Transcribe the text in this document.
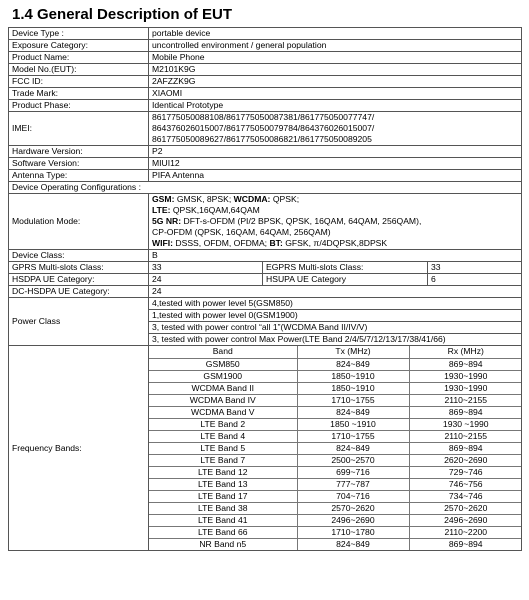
1.4 General Description of EUT
Device Type :	portable device
Exposure Category:	uncontrolled environment / general population
Product Name:	Mobile Phone
Model No.(EUT):	M2101K9G
FCC ID:	2AFZZK9G
Trade Mark:	XIAOMI
Product Phase:	Identical Prototype
IMEI:	
861775050088108/861775050087381/861775050077747/
864376026015007/861775050079784/864376026015007/
861775050089627/861775050086821/861775050089205

Hardware Version:	P2
Software Version:	MIUI12
Antenna Type:	PIFA Antenna
Device Operating Configurations :
Modulation Mode:	
GSM: GMSK, 8PSK; WCDMA: QPSK;
LTE: QPSK,16QAM,64QAM
5G NR: DFT-s-OFDM (PI/2 BPSK, QPSK, 16QAM, 64QAM, 256QAM),
CP-OFDM (QPSK, 16QAM, 64QAM, 256QAM)
WIFI: DSSS, OFDM, OFDMA; BT: GFSK, π/4DQPSK,8DPSK

Device Class:	B
GPRS Multi-slots Class:	33	EGPRS Multi-slots Class:	33
HSDPA UE Category:	24	HSUPA UE Category	6
DC-HSDPA UE Category:	24
Power Class	4,tested with power level 5(GSM850)
1,tested with power level 0(GSM1900)
3, tested with power control “all 1”(WCDMA Band II/IV/V)
3, tested with power control Max Power(LTE Band 2/4/5/7/12/13/17/38/41/66)
Frequency Bands:	
Band	Tx (MHz)	Rx (MHz)
GSM850	824~849	869~894
GSM1900	1850~1910	1930~1990
WCDMA Band II	1850~1910	1930~1990
WCDMA Band IV	1710~1755	2110~2155
WCDMA Band V	824~849	869~894
LTE Band 2	1850 ~1910	1930 ~1990
LTE Band 4	1710~1755	2110~2155
LTE Band 5	824~849	869~894
LTE Band 7	2500~2570	2620~2690
LTE Band 12	699~716	729~746
LTE Band 13	777~787	746~756
LTE Band 17	704~716	734~746
LTE Band 38	2570~2620	2570~2620
LTE Band 41	2496~2690	2496~2690
LTE Band 66	1710~1780	2110~2200
NR Band n5	824~849	869~894
